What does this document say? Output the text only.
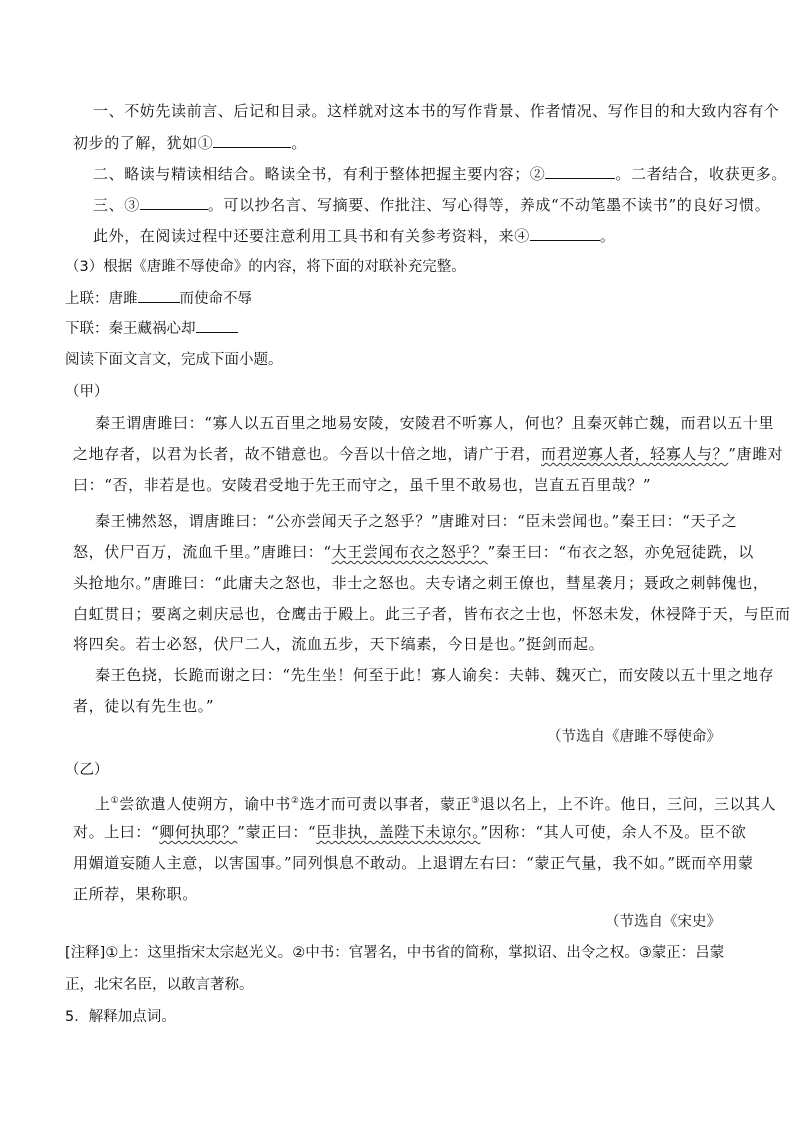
一、不妨先读前言、后记和目录。这样就对这本书的写作背景、作者情况、写作目的和大致内容有个
初步的了解，犹如①	。
二、略读与精读相结合。略读全书，有利于整体把握主要内容；②	。二者结合，收获更多。
三、③	。可以抄名言、写摘要、作批注、写心得等，养成“不动笔墨不读书”的良好习惯。
此外，在阅读过程中还要注意利用工具书和有关参考资料，来④	。
（3）根据《唐雎不辱使命》的内容，将下面的对联补充完整。
上联：唐雎	而使命不辱
下联：秦王藏祸心却
阅读下面文言文，完成下面小题。
（甲）
秦王谓唐雎曰：“寡人以五百里之地易安陵，安陵君不听寡人，何也？且秦灭韩亡魏，而君以五十里
之地存者，以君为长者，故不错意也。今吾以十倍之地，请广于君，而君逆寡人者，轻寡人与？”唐雎对
曰：“否，非若是也。安陵君受地于先王而守之，虽千里不敢易也，岂直五百里哉？”
秦王怫然怒，谓唐雎曰：“公亦尝闻天子之怒乎？”唐雎对曰：“臣未尝闻也。”秦王曰：“天子之
怒，伏尸百万，流血千里。”唐雎曰：“大王尝闻布衣之怒乎？”秦王曰：“布衣之怒，亦免冠徒跣，以
头抢地尔。”唐雎曰：“此庸夫之怒也，非士之怒也。夫专诸之刺王僚也，彗星袭月；聂政之刺韩傀也，
白虹贯日；要离之刺庆忌也，仓鹰击于殿上。此三子者，皆布衣之士也，怀怒未发，休祲降于天，与臣而
将四矣。若士必怒，伏尸二人，流血五步，天下缟素，今日是也。”挺剑而起。
秦王色挠，长跪而谢之曰：“先生坐！何至于此！寡人谕矣：夫韩、魏灭亡，而安陵以五十里之地存
者，徒以有先生也。”
（节选自《唐雎不辱使命》
（乙）
上①尝欲遣人使朔方，谕中书②选才而可责以事者，蒙正③退以名上，上不许。他日，三问，三以其人
对。上曰：“卿何执耶？”蒙正曰：“臣非执，盖陛下未谅尔。”因称：“其人可使，余人不及。臣不欲
用媚道妄随人主意，以害国事。”同列惧息不敢动。上退谓左右曰：“蒙正气量，我不如。”既而卒用蒙
正所荐，果称职。
（节选自《宋史》
[注释]①上：这里指宋太宗赵光义。②中书：官署名，中书省的简称，掌拟诏、出令之权。③蒙正：吕蒙
正，北宋名臣，以敢言著称。
5．解释加点词。
